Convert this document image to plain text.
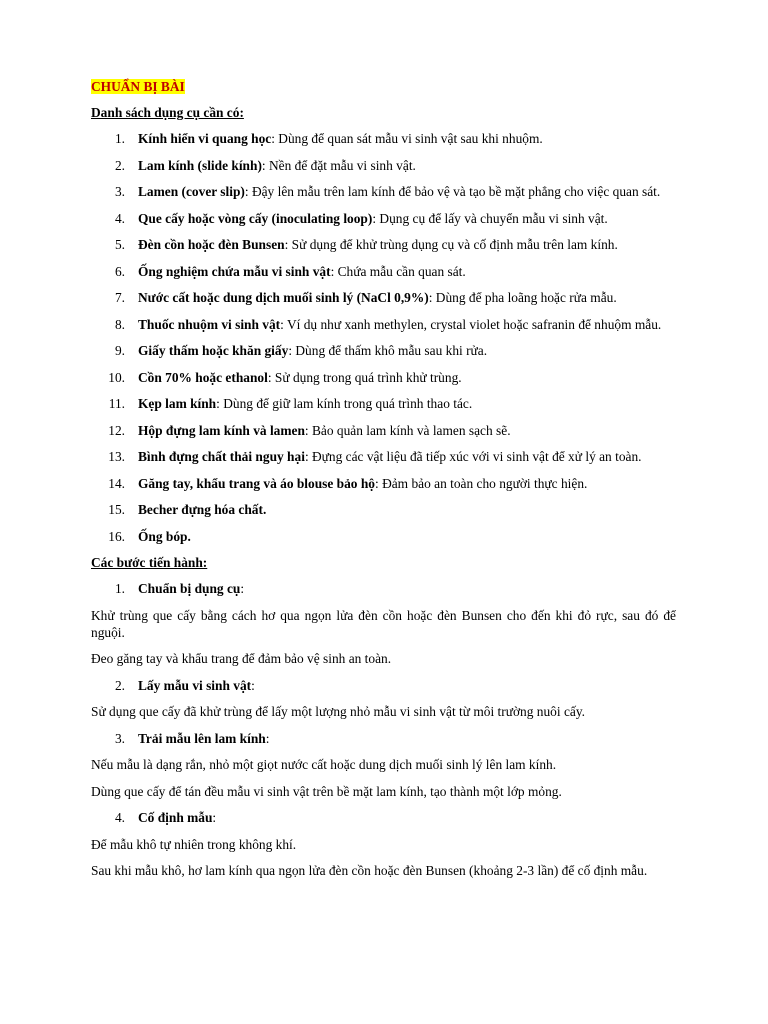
CHUẨN BỊ BÀI

Danh sách dụng cụ cần có:

1. Kính hiển vi quang học: Dùng để quan sát mẫu vi sinh vật sau khi nhuộm.
2. Lam kính (slide kính): Nền để đặt mẫu vi sinh vật.
3. Lamen (cover slip): Đậy lên mẫu trên lam kính để bảo vệ và tạo bề mặt phẳng cho việc quan sát.
4. Que cấy hoặc vòng cấy (inoculating loop): Dụng cụ để lấy và chuyển mẫu vi sinh vật.
5. Đèn cồn hoặc đèn Bunsen: Sử dụng để khử trùng dụng cụ và cố định mẫu trên lam kính.
6. Ống nghiệm chứa mẫu vi sinh vật: Chứa mẫu cần quan sát.
7. Nước cất hoặc dung dịch muối sinh lý (NaCl 0,9%): Dùng để pha loãng hoặc rửa mẫu.
8. Thuốc nhuộm vi sinh vật: Ví dụ như xanh methylen, crystal violet hoặc safranin để nhuộm mẫu.
9. Giấy thấm hoặc khăn giấy: Dùng để thấm khô mẫu sau khi rửa.
10. Cồn 70% hoặc ethanol: Sử dụng trong quá trình khử trùng.
11. Kẹp lam kính: Dùng để giữ lam kính trong quá trình thao tác.
12. Hộp đựng lam kính và lamen: Bảo quản lam kính và lamen sạch sẽ.
13. Bình đựng chất thải nguy hại: Đựng các vật liệu đã tiếp xúc với vi sinh vật để xử lý an toàn.
14. Găng tay, khẩu trang và áo blouse bảo hộ: Đảm bảo an toàn cho người thực hiện.
15. Becher đựng hóa chất.
16. Ống bóp.

Các bước tiến hành:

1. Chuẩn bị dụng cụ:

Khử trùng que cấy bằng cách hơ qua ngọn lửa đèn cồn hoặc đèn Bunsen cho đến khi đỏ rực, sau đó để nguội.

Đeo găng tay và khẩu trang để đảm bảo vệ sinh an toàn.

2. Lấy mẫu vi sinh vật:

Sử dụng que cấy đã khử trùng để lấy một lượng nhỏ mẫu vi sinh vật từ môi trường nuôi cấy.

3. Trải mẫu lên lam kính:

Nếu mẫu là dạng rắn, nhỏ một giọt nước cất hoặc dung dịch muối sinh lý lên lam kính.

Dùng que cấy để tán đều mẫu vi sinh vật trên bề mặt lam kính, tạo thành một lớp mỏng.

4. Cố định mẫu:

Để mẫu khô tự nhiên trong không khí.

Sau khi mẫu khô, hơ lam kính qua ngọn lửa đèn cồn hoặc đèn Bunsen (khoảng 2-3 lần) để cố định mẫu.
